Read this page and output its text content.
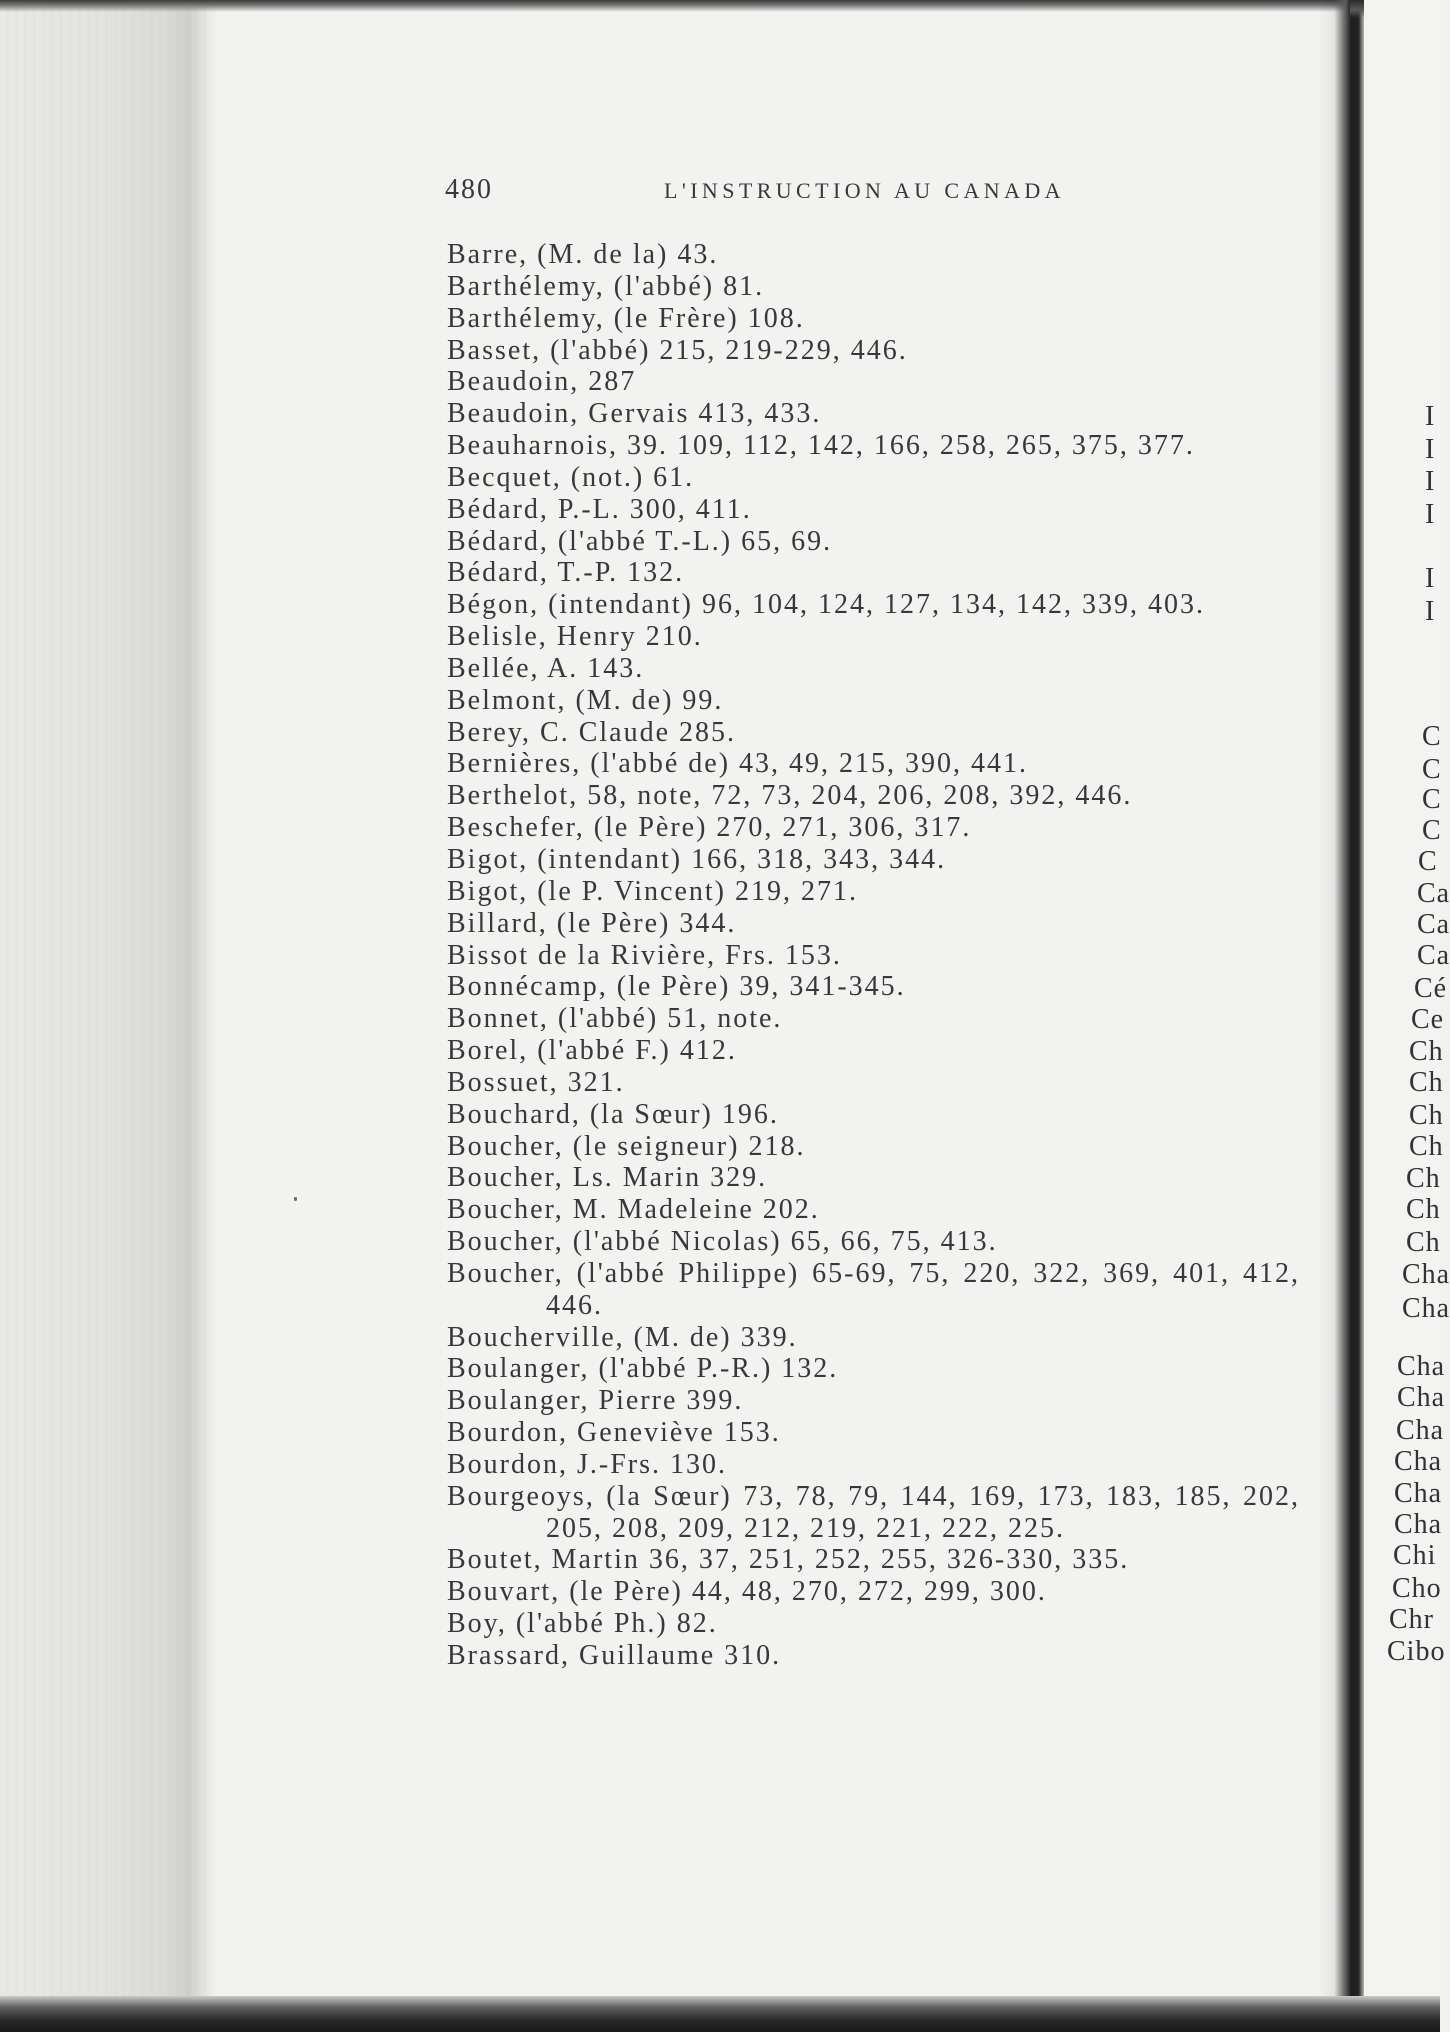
480	L'INSTRUCTION AU CANADA
Barre, (M. de la) 43.
Barthélemy, (l'abbé) 81.
Barthélemy, (le Frère) 108.
Basset, (l'abbé) 215, 219-229, 446.
Beaudoin, 287
Beaudoin, Gervais 413, 433.
Beauharnois, 39. 109, 112, 142, 166, 258, 265, 375, 377.
Becquet, (not.) 61.
Bédard, P.-L. 300, 411.
Bédard, (l'abbé T.-L.) 65, 69.
Bédard, T.-P. 132.
Bégon, (intendant) 96, 104, 124, 127, 134, 142, 339, 403.
Belisle, Henry 210.
Bellée, A. 143.
Belmont, (M. de) 99.
Berey, C. Claude 285.
Bernières, (l'abbé de) 43, 49, 215, 390, 441.
Berthelot, 58, note, 72, 73, 204, 206, 208, 392, 446.
Beschefer, (le Père) 270, 271, 306, 317.
Bigot, (intendant) 166, 318, 343, 344.
Bigot, (le P. Vincent) 219, 271.
Billard, (le Père) 344.
Bissot de la Rivière, Frs. 153.
Bonnécamp, (le Père) 39, 341-345.
Bonnet, (l'abbé) 51, note.
Borel, (l'abbé F.) 412.
Bossuet, 321.
Bouchard, (la Sœur) 196.
Boucher, (le seigneur) 218.
Boucher, Ls. Marin 329.
Boucher, M. Madeleine 202.
Boucher, (l'abbé Nicolas) 65, 66, 75, 413.
Boucher, (l'abbé Philippe) 65-69, 75, 220, 322, 369, 401, 412,
446.
Boucherville, (M. de) 339.
Boulanger, (l'abbé P.-R.) 132.
Boulanger, Pierre 399.
Bourdon, Geneviève 153.
Bourdon, J.-Frs. 130.
Bourgeoys, (la Sœur) 73, 78, 79, 144, 169, 173, 183, 185, 202,
205, 208, 209, 212, 219, 221, 222, 225.
Boutet, Martin 36, 37, 251, 252, 255, 326-330, 335.
Bouvart, (le Père) 44, 48, 270, 272, 299, 300.
Boy, (l'abbé Ph.) 82.
Brassard, Guillaume 310.
I
I
I
I
I
I
C
C
C
C
C
Ca
Ca
Ca
Cé
Ce
Ch
Ch
Ch
Ch
Ch
Ch
Ch
Cha
Cha
Cha
Cha
Cha
Cha
Cha
Cha
Chi
Cho
Chr
Cibo
